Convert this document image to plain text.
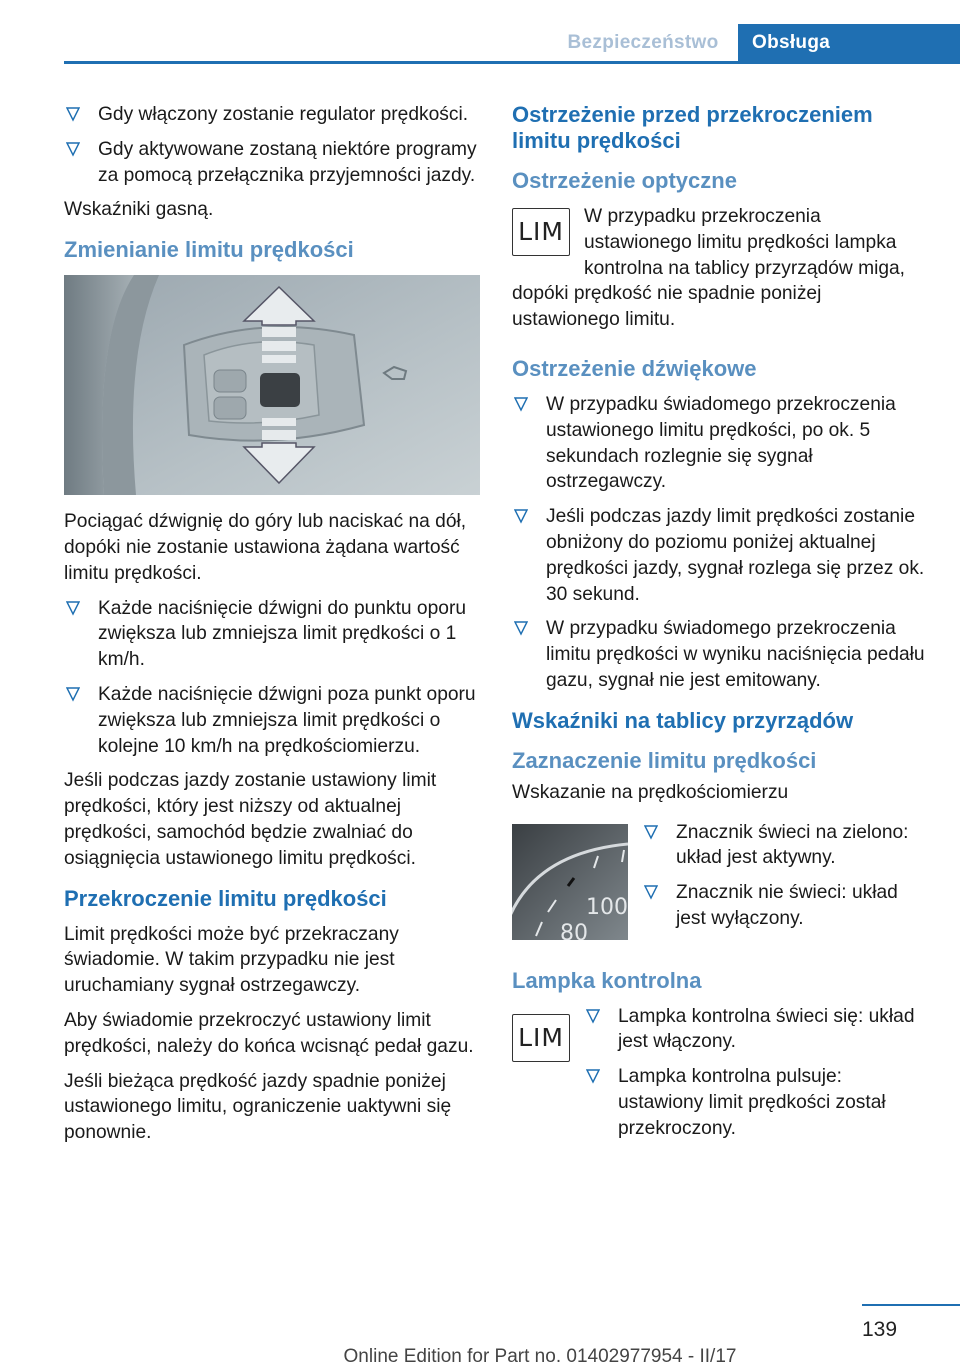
Bezpieczeństwo	Obsługa
Gdy włączony zostanie regulator prędkości.
Gdy aktywowane zostaną niektóre programy za pomocą przełącznika przyjemności jazdy.

Wskaźniki gasną.

Zmienianie limitu prędkości

Pociągać dźwignię do góry lub naciskać na dół, dopóki nie zostanie ustawiona żądana wartość limitu prędkości.

Każde naciśnięcie dźwigni do punktu oporu zwiększa lub zmniejsza limit prędkości o 1 km/h.
Każde naciśnięcie dźwigni poza punkt oporu zwiększa lub zmniejsza limit prędkości o kolejne 10 km/h na prędkościomierzu.

Jeśli podczas jazdy zostanie ustawiony limit prędkości, który jest niższy od aktualnej prędkości, samochód będzie zwalniać do osiągnięcia ustawionego limitu prędkości.

Przekroczenie limitu prędkości

Limit prędkości może być przekraczany świadomie. W takim przypadku nie jest uruchamiany sygnał ostrzegawczy.

Aby świadomie przekroczyć ustawiony limit prędkości, należy do końca wcisnąć pedał gazu.

Jeśli bieżąca prędkość jazdy spadnie poniżej ustawionego limitu, ograniczenie uaktywni się ponownie.

Ostrzeżenie przed przekroczeniem limitu prędkości
Ostrzeżenie optyczne
LIM

W przypadku przekroczenia ustawionego limitu prędkości lampka kontrolna na tablicy przyrządów miga, dopóki prędkość nie spadnie poniżej ustawionego limitu.

Ostrzeżenie dźwiękowe
W przypadku świadomego przekroczenia ustawionego limitu prędkości, po ok. 5 sekundach rozlegnie się sygnał ostrzegawczy.
Jeśli podczas jazdy limit prędkości zostanie obniżony do poziomu poniżej aktualnej prędkości jazdy, sygnał rozlega się przez ok. 30 sekund.
W przypadku świadomego przekroczenia limitu prędkości w wyniku naciśnięcia pedału gazu, sygnał nie jest emitowany.
Wskaźniki na tablicy przyrządów
Zaznaczenie limitu prędkości

Wskazanie na prędkościomierzu

100
80
Znacznik świeci na zielono: układ jest aktywny.
Znacznik nie świeci: układ jest wyłączony.
Lampka kontrolna
LIM
Lampka kontrolna świeci się: układ jest włączony.
Lampka kontrolna pulsuje: ustawiony limit prędkości został przekroczony.
139
Online Edition for Part no. 01402977954 - II/17
